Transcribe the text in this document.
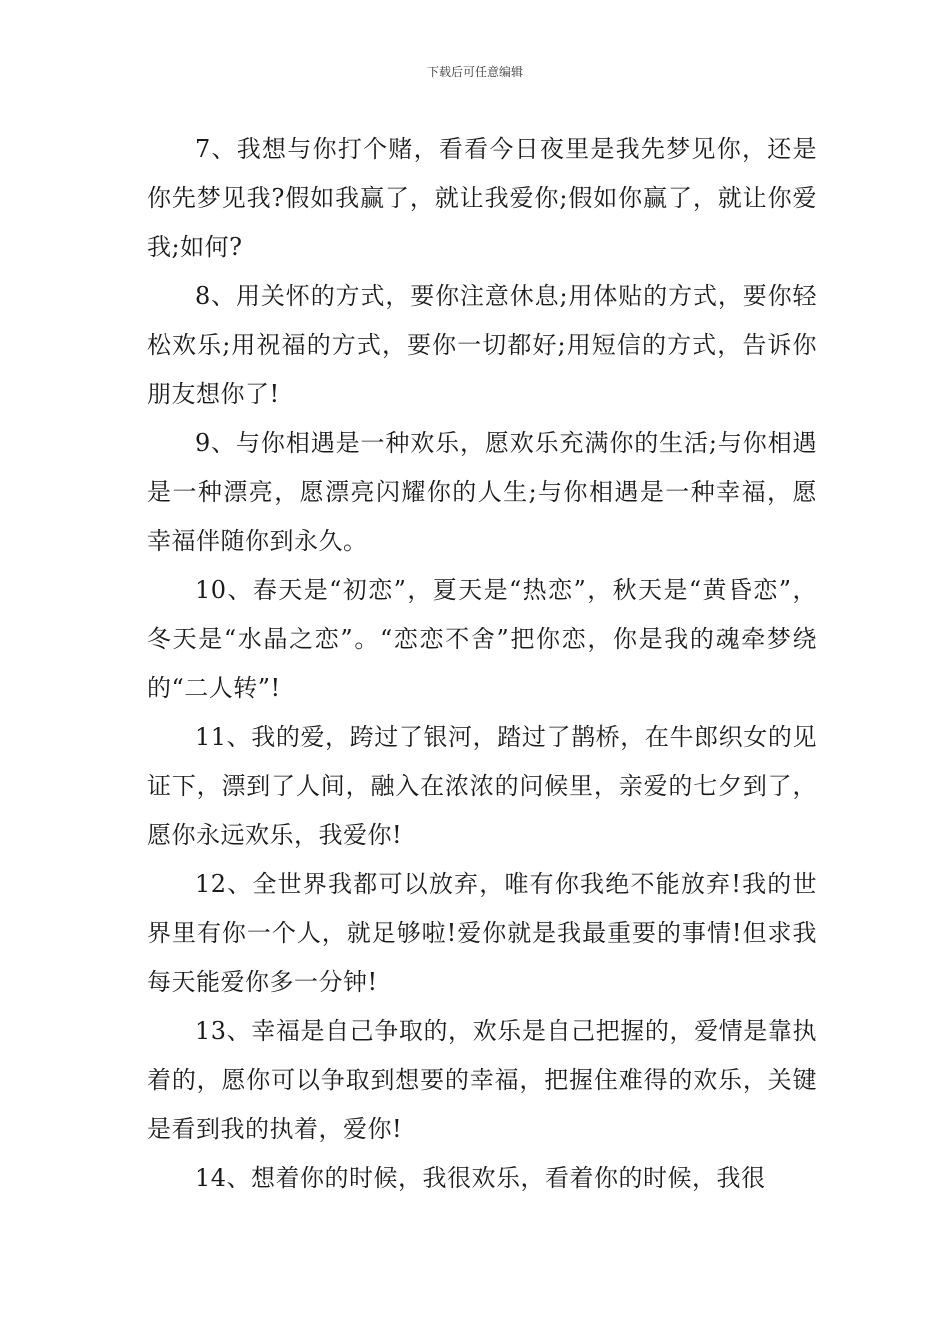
下载后可任意编辑

7、我想与你打个赌，看看今日夜里是我先梦见你，还是你先梦见我?假如我赢了，就让我爱你;假如你赢了，就让你爱我;如何?

8、用关怀的方式，要你注意休息;用体贴的方式，要你轻松欢乐;用祝福的方式，要你一切都好;用短信的方式，告诉你朋友想你了!

9、与你相遇是一种欢乐，愿欢乐充满你的生活;与你相遇是一种漂亮，愿漂亮闪耀你的人生;与你相遇是一种幸福，愿幸福伴随你到永久。

10、春天是“初恋”，夏天是“热恋”，秋天是“黄昏恋”，冬天是“水晶之恋”。“恋恋不舍”把你恋，你是我的魂牵梦绕的“二人转”!

11、我的爱，跨过了银河，踏过了鹊桥，在牛郎织女的见证下，漂到了人间，融入在浓浓的问候里，亲爱的七夕到了，愿你永远欢乐，我爱你!

12、全世界我都可以放弃，唯有你我绝不能放弃!我的世界里有你一个人，就足够啦!爱你就是我最重要的事情!但求我每天能爱你多一分钟!

13、幸福是自己争取的，欢乐是自己把握的，爱情是靠执着的，愿你可以争取到想要的幸福，把握住难得的欢乐，关键是看到我的执着，爱你!

14、想着你的时候，我很欢乐，看着你的时候，我很
